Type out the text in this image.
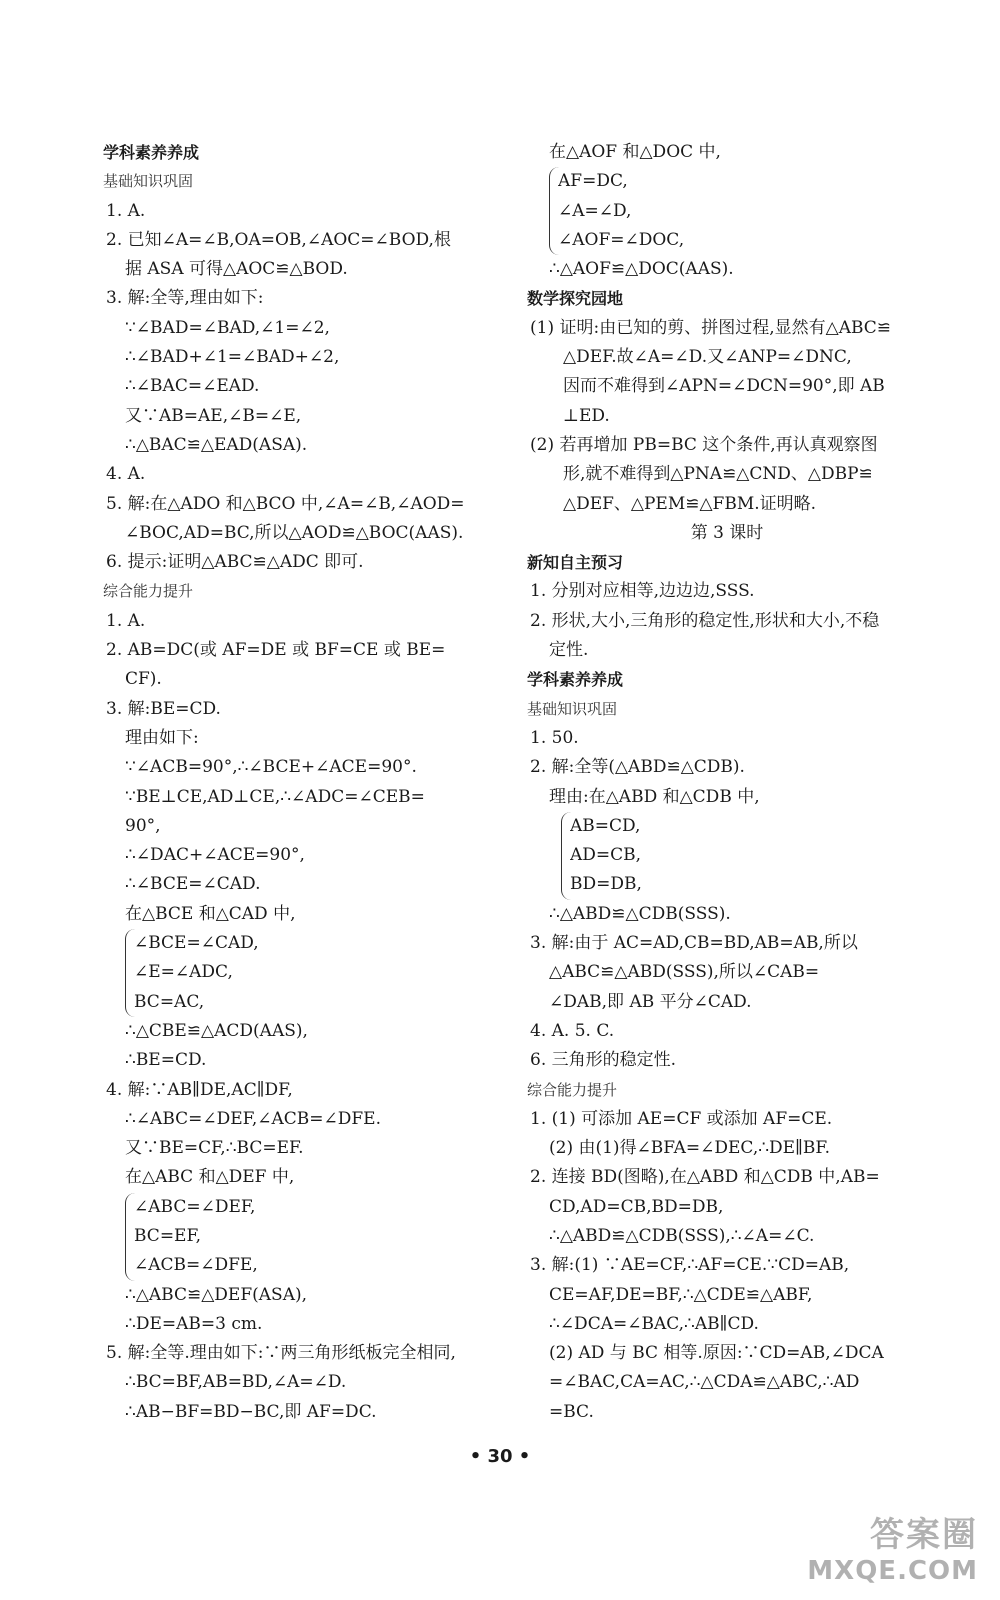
学科素养养成
基础知识巩固
1. A.
2. 已知∠A=∠B,OA=OB,∠AOC=∠BOD,根
据 ASA 可得△AOC≌△BOD.
3. 解:全等,理由如下:
∵∠BAD=∠BAD,∠1=∠2,
∴∠BAD+∠1=∠BAD+∠2,
∴∠BAC=∠EAD.
又∵AB=AE,∠B=∠E,
∴△BAC≌△EAD(ASA).
4. A.
5. 解:在△ADO 和△BCO 中,∠A=∠B,∠AOD=
∠BOC,AD=BC,所以△AOD≌△BOC(AAS).
6. 提示:证明△ABC≌△ADC 即可.
综合能力提升
1. A.
2. AB=DC(或 AF=DE 或 BF=CE 或 BE=
CF).
3. 解:BE=CD.
理由如下:
∵∠ACB=90°,∴∠BCE+∠ACE=90°.
∵BE⊥CE,AD⊥CE,∴∠ADC=∠CEB=
90°,
∴∠DAC+∠ACE=90°,
∴∠BCE=∠CAD.
在△BCE 和△CAD 中,
∠BCE=∠CAD,
∠E=∠ADC,
BC=AC,
∴△CBE≌△ACD(AAS),
∴BE=CD.
4. 解:∵AB∥DE,AC∥DF,
∴∠ABC=∠DEF,∠ACB=∠DFE.
又∵BE=CF,∴BC=EF.
在△ABC 和△DEF 中,
∠ABC=∠DEF,
BC=EF,
∠ACB=∠DFE,
∴△ABC≌△DEF(ASA),
∴DE=AB=3 cm.
5. 解:全等.理由如下:∵两三角形纸板完全相同,
∴BC=BF,AB=BD,∠A=∠D.
∴AB−BF=BD−BC,即 AF=DC.
在△AOF 和△DOC 中,
AF=DC,
∠A=∠D,
∠AOF=∠DOC,
∴△AOF≌△DOC(AAS).
数学探究园地
(1) 证明:由已知的剪、拼图过程,显然有△ABC≌
△DEF.故∠A=∠D.又∠ANP=∠DNC,
因而不难得到∠APN=∠DCN=90°,即 AB
⊥ED.
(2) 若再增加 PB=BC 这个条件,再认真观察图
形,就不难得到△PNA≌△CND、△DBP≌
△DEF、△PEM≌△FBM.证明略.
第 3 课时
新知自主预习
1. 分别对应相等,边边边,SSS.
2. 形状,大小,三角形的稳定性,形状和大小,不稳
定性.
学科素养养成
基础知识巩固
1. 50.
2. 解:全等(△ABD≌△CDB).
理由:在△ABD 和△CDB 中,
AB=CD,
AD=CB,
BD=DB,
∴△ABD≌△CDB(SSS).
3. 解:由于 AC=AD,CB=BD,AB=AB,所以
△ABC≌△ABD(SSS),所以∠CAB=
∠DAB,即 AB 平分∠CAD.
4. A. 5. C.
6. 三角形的稳定性.
综合能力提升
1. (1) 可添加 AE=CF 或添加 AF=CE.
(2) 由(1)得∠BFA=∠DEC,∴DE∥BF.
2. 连接 BD(图略),在△ABD 和△CDB 中,AB=
CD,AD=CB,BD=DB,
∴△ABD≌△CDB(SSS),∴∠A=∠C.
3. 解:(1) ∵AE=CF,∴AF=CE.∵CD=AB,
CE=AF,DE=BF,∴△CDE≌△ABF,
∴∠DCA=∠BAC,∴AB∥CD.
(2) AD 与 BC 相等.原因:∵CD=AB,∠DCA
=∠BAC,CA=AC,∴△CDA≌△ABC,∴AD
=BC.
• 30 •
答案圈
MXQE.COM
